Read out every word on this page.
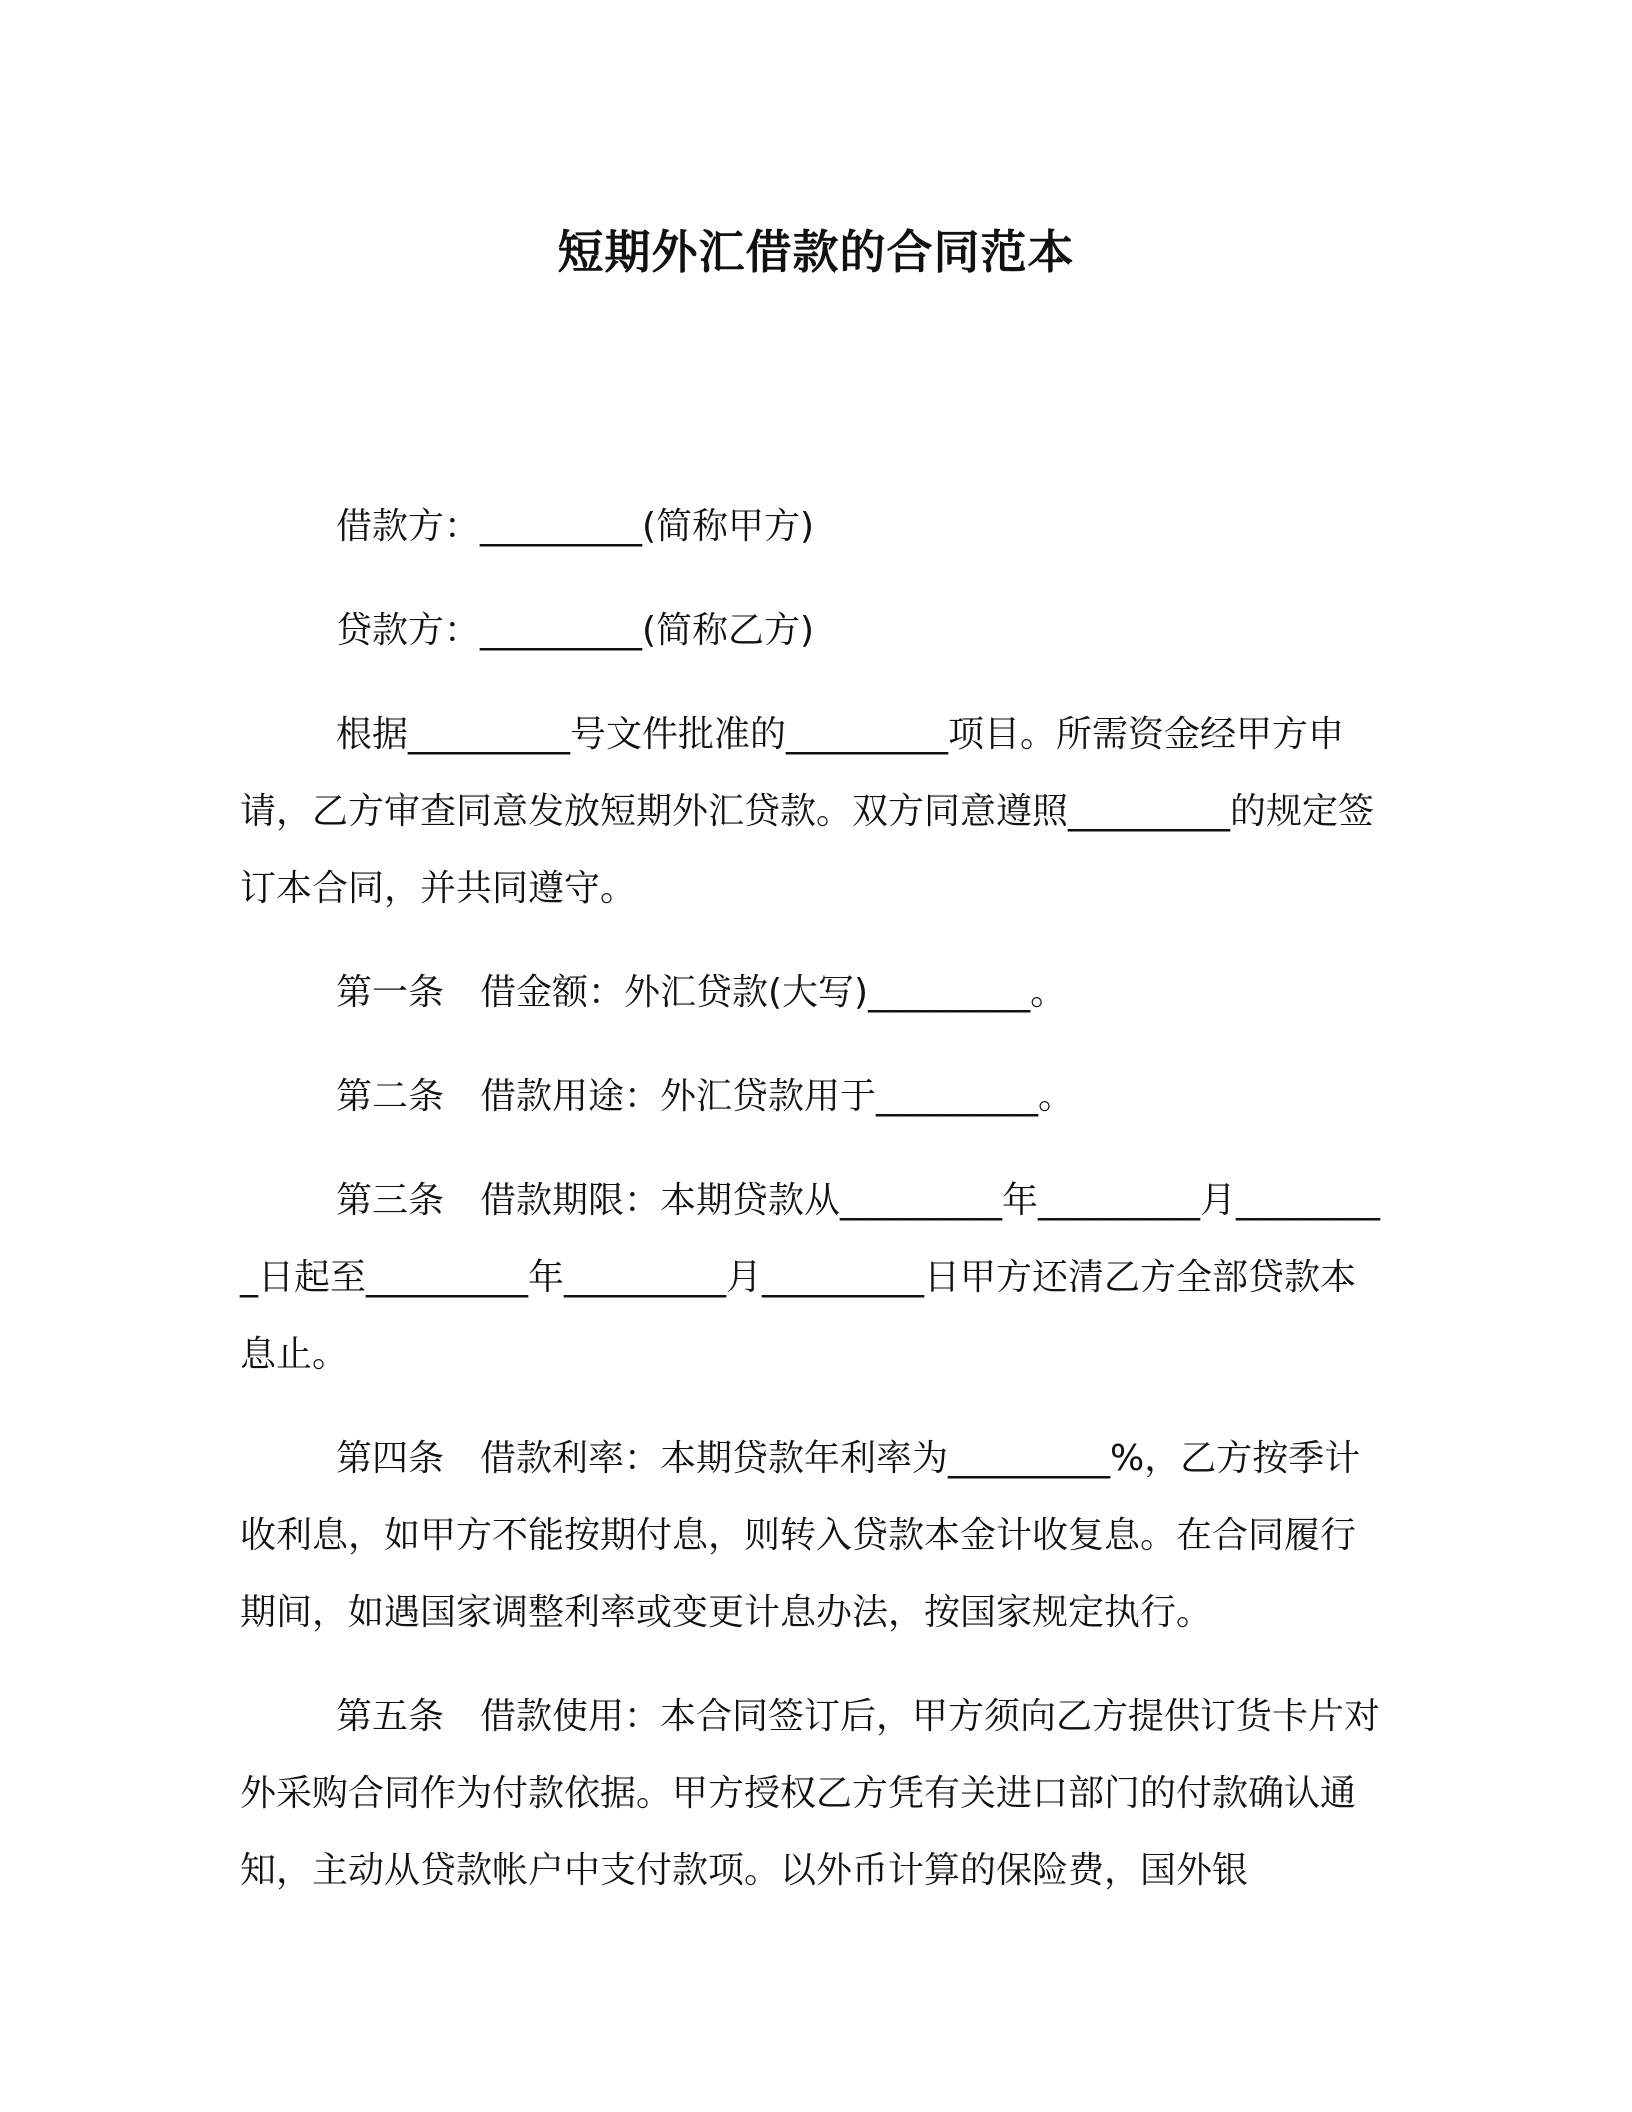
短期外汇借款的合同范本

借款方：_________(简称甲方)

贷款方：_________(简称乙方)

根据_________号文件批准的_________项目。所需资金经甲方申请，乙方审查同意发放短期外汇贷款。双方同意遵照_________的规定签订本合同，并共同遵守。

第一条　借金额：外汇贷款(大写)_________。

第二条　借款用途：外汇贷款用于_________。

第三条　借款期限：本期贷款从_________年_________月_________日起至_________年_________月_________日甲方还清乙方全部贷款本息止。

第四条　借款利率：本期贷款年利率为_________%，乙方按季计收利息，如甲方不能按期付息，则转入贷款本金计收复息。在合同履行期间，如遇国家调整利率或变更计息办法，按国家规定执行。

第五条　借款使用：本合同签订后，甲方须向乙方提供订货卡片对外采购合同作为付款依据。甲方授权乙方凭有关进口部门的付款确认通知，主动从贷款帐户中支付款项。以外币计算的保险费，国外银
